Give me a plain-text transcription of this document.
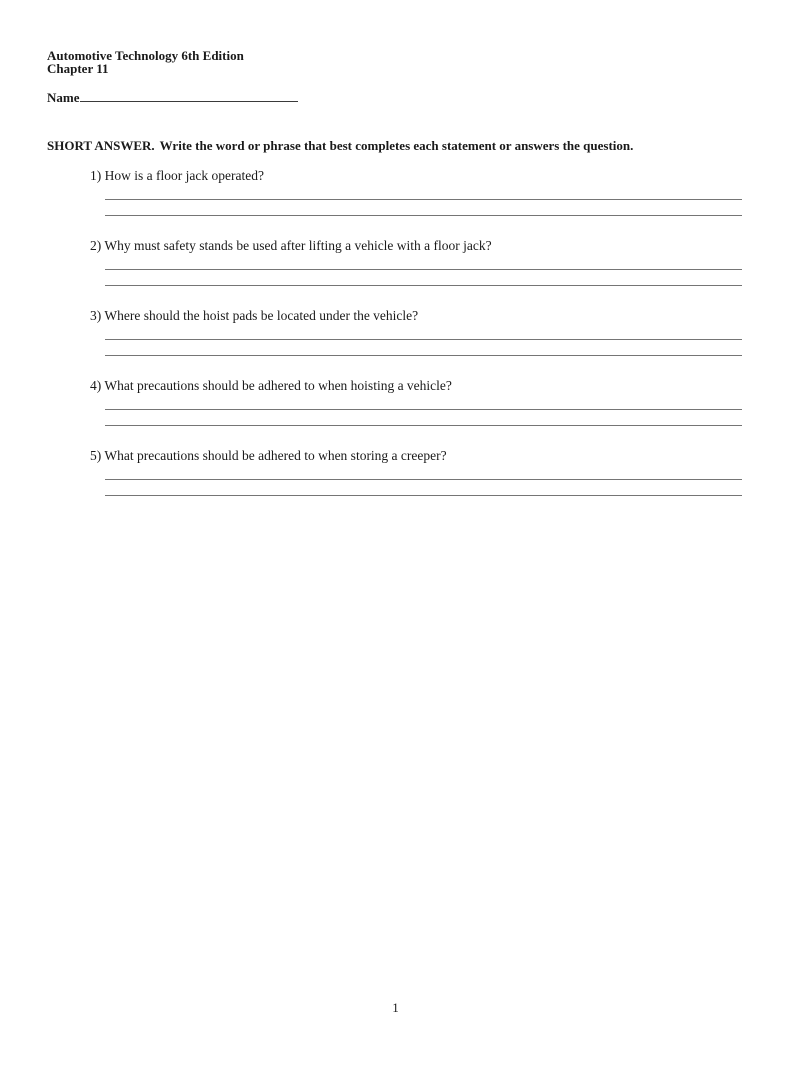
Automotive Technology 6th Edition
Chapter 11
Name
SHORT ANSWER. Write the word or phrase that best completes each statement or answers the question.

1) How is a floor jack operated?

2) Why must safety stands be used after lifting a vehicle with a floor jack?

3) Where should the hoist pads be located under the vehicle?

4) What precautions should be adhered to when hoisting a vehicle?

5) What precautions should be adhered to when storing a creeper?

1
